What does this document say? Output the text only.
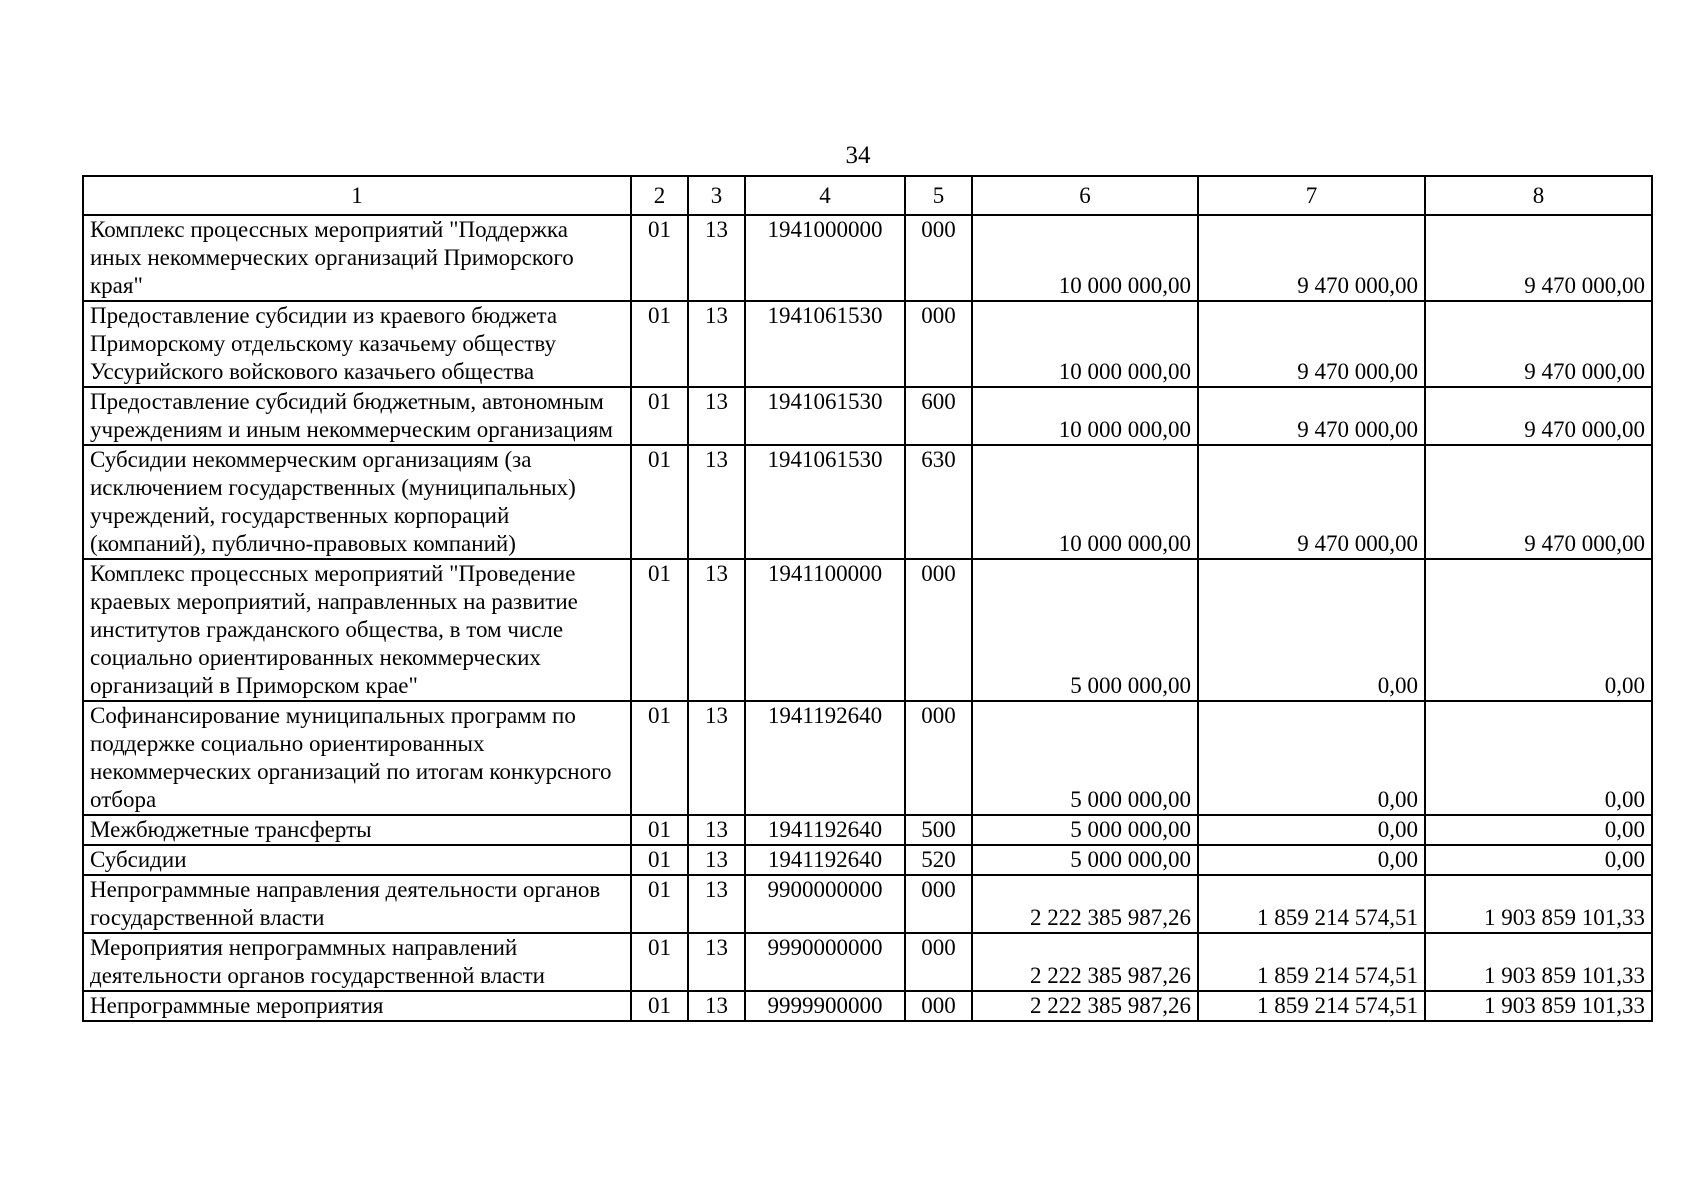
34
1	2	3	4	5	6	7	8
Комплекс процессных мероприятий "Поддержка иных некоммерческих организаций Приморского края"	01	13	1941000000	000	10 000 000,00	9 470 000,00	9 470 000,00
Предоставление субсидии из краевого бюджета Приморскому отдельскому казачьему обществу Уссурийского войскового казачьего общества	01	13	1941061530	000	10 000 000,00	9 470 000,00	9 470 000,00
Предоставление субсидий бюджетным, автономным учреждениям и иным некоммерческим организациям	01	13	1941061530	600	10 000 000,00	9 470 000,00	9 470 000,00
Субсидии некоммерческим организациям (за исключением государственных (муниципальных) учреждений, государственных корпораций (компаний), публично-правовых компаний)	01	13	1941061530	630	10 000 000,00	9 470 000,00	9 470 000,00
Комплекс процессных мероприятий "Проведение краевых мероприятий, направленных на развитие институтов гражданского общества, в том числе социально ориентированных некоммерческих организаций в Приморском крае"	01	13	1941100000	000	5 000 000,00	0,00	0,00
Софинансирование муниципальных программ по поддержке социально ориентированных некоммерческих организаций по итогам конкурсного отбора	01	13	1941192640	000	5 000 000,00	0,00	0,00
Межбюджетные трансферты	01	13	1941192640	500	5 000 000,00	0,00	0,00
Субсидии	01	13	1941192640	520	5 000 000,00	0,00	0,00
Непрограммные направления деятельности органов государственной власти	01	13	9900000000	000	2 222 385 987,26	1 859 214 574,51	1 903 859 101,33
Мероприятия непрограммных направлений деятельности органов государственной власти	01	13	9990000000	000	2 222 385 987,26	1 859 214 574,51	1 903 859 101,33
Непрограммные мероприятия	01	13	9999900000	000	2 222 385 987,26	1 859 214 574,51	1 903 859 101,33
